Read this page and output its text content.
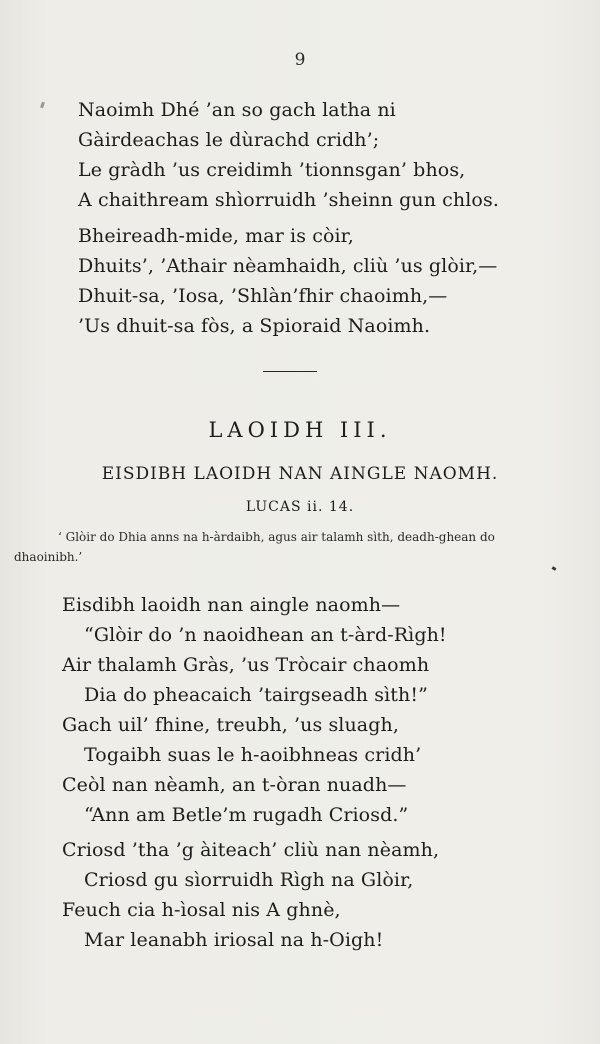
9
Naoimh Dhé ’an so gach latha ni
Gàirdeachas le dùrachd cridh’;
Le gràdh ’us creidimh ’tionnsgan’ bhos,
A chaithream shìorruidh ’sheinn gun chlos.
Bheireadh-mide, mar is còir,
Dhuits’, ’Athair nèamhaidh, cliù ’us glòir,—
Dhuit-sa, ’Iosa, ’Shlàn’fhir chaoimh,—
’Us dhuit-sa fòs, a Spioraid Naoimh.
LAOIDH III.
EISDIBH LAOIDH NAN AINGLE NAOMH.
LUCAS ii. 14.
‘ Glòir do Dhia anns na h-àrdaibh, agus air talamh sìth, deadh-ghean do
dhaoinibh.’
Eisdibh laoidh nan aingle naomh—
“Glòir do ’n naoidhean an t-àrd-Rìgh!
Air thalamh Gràs, ’us Tròcair chaomh
Dia do pheacaich ’tairgseadh sìth!”
Gach uil’ fhine, treubh, ’us sluagh,
Togaibh suas le h-aoibhneas cridh’
Ceòl nan nèamh, an t-òran nuadh—
“Ann am Betle’m rugadh Criosd.”
Criosd ’tha ’g àiteach’ cliù nan nèamh,
Criosd gu sìorruidh Rìgh na Glòir,
Feuch cia h-ìosal nis A ghnè,
Mar leanabh iriosal na h-Oigh!
